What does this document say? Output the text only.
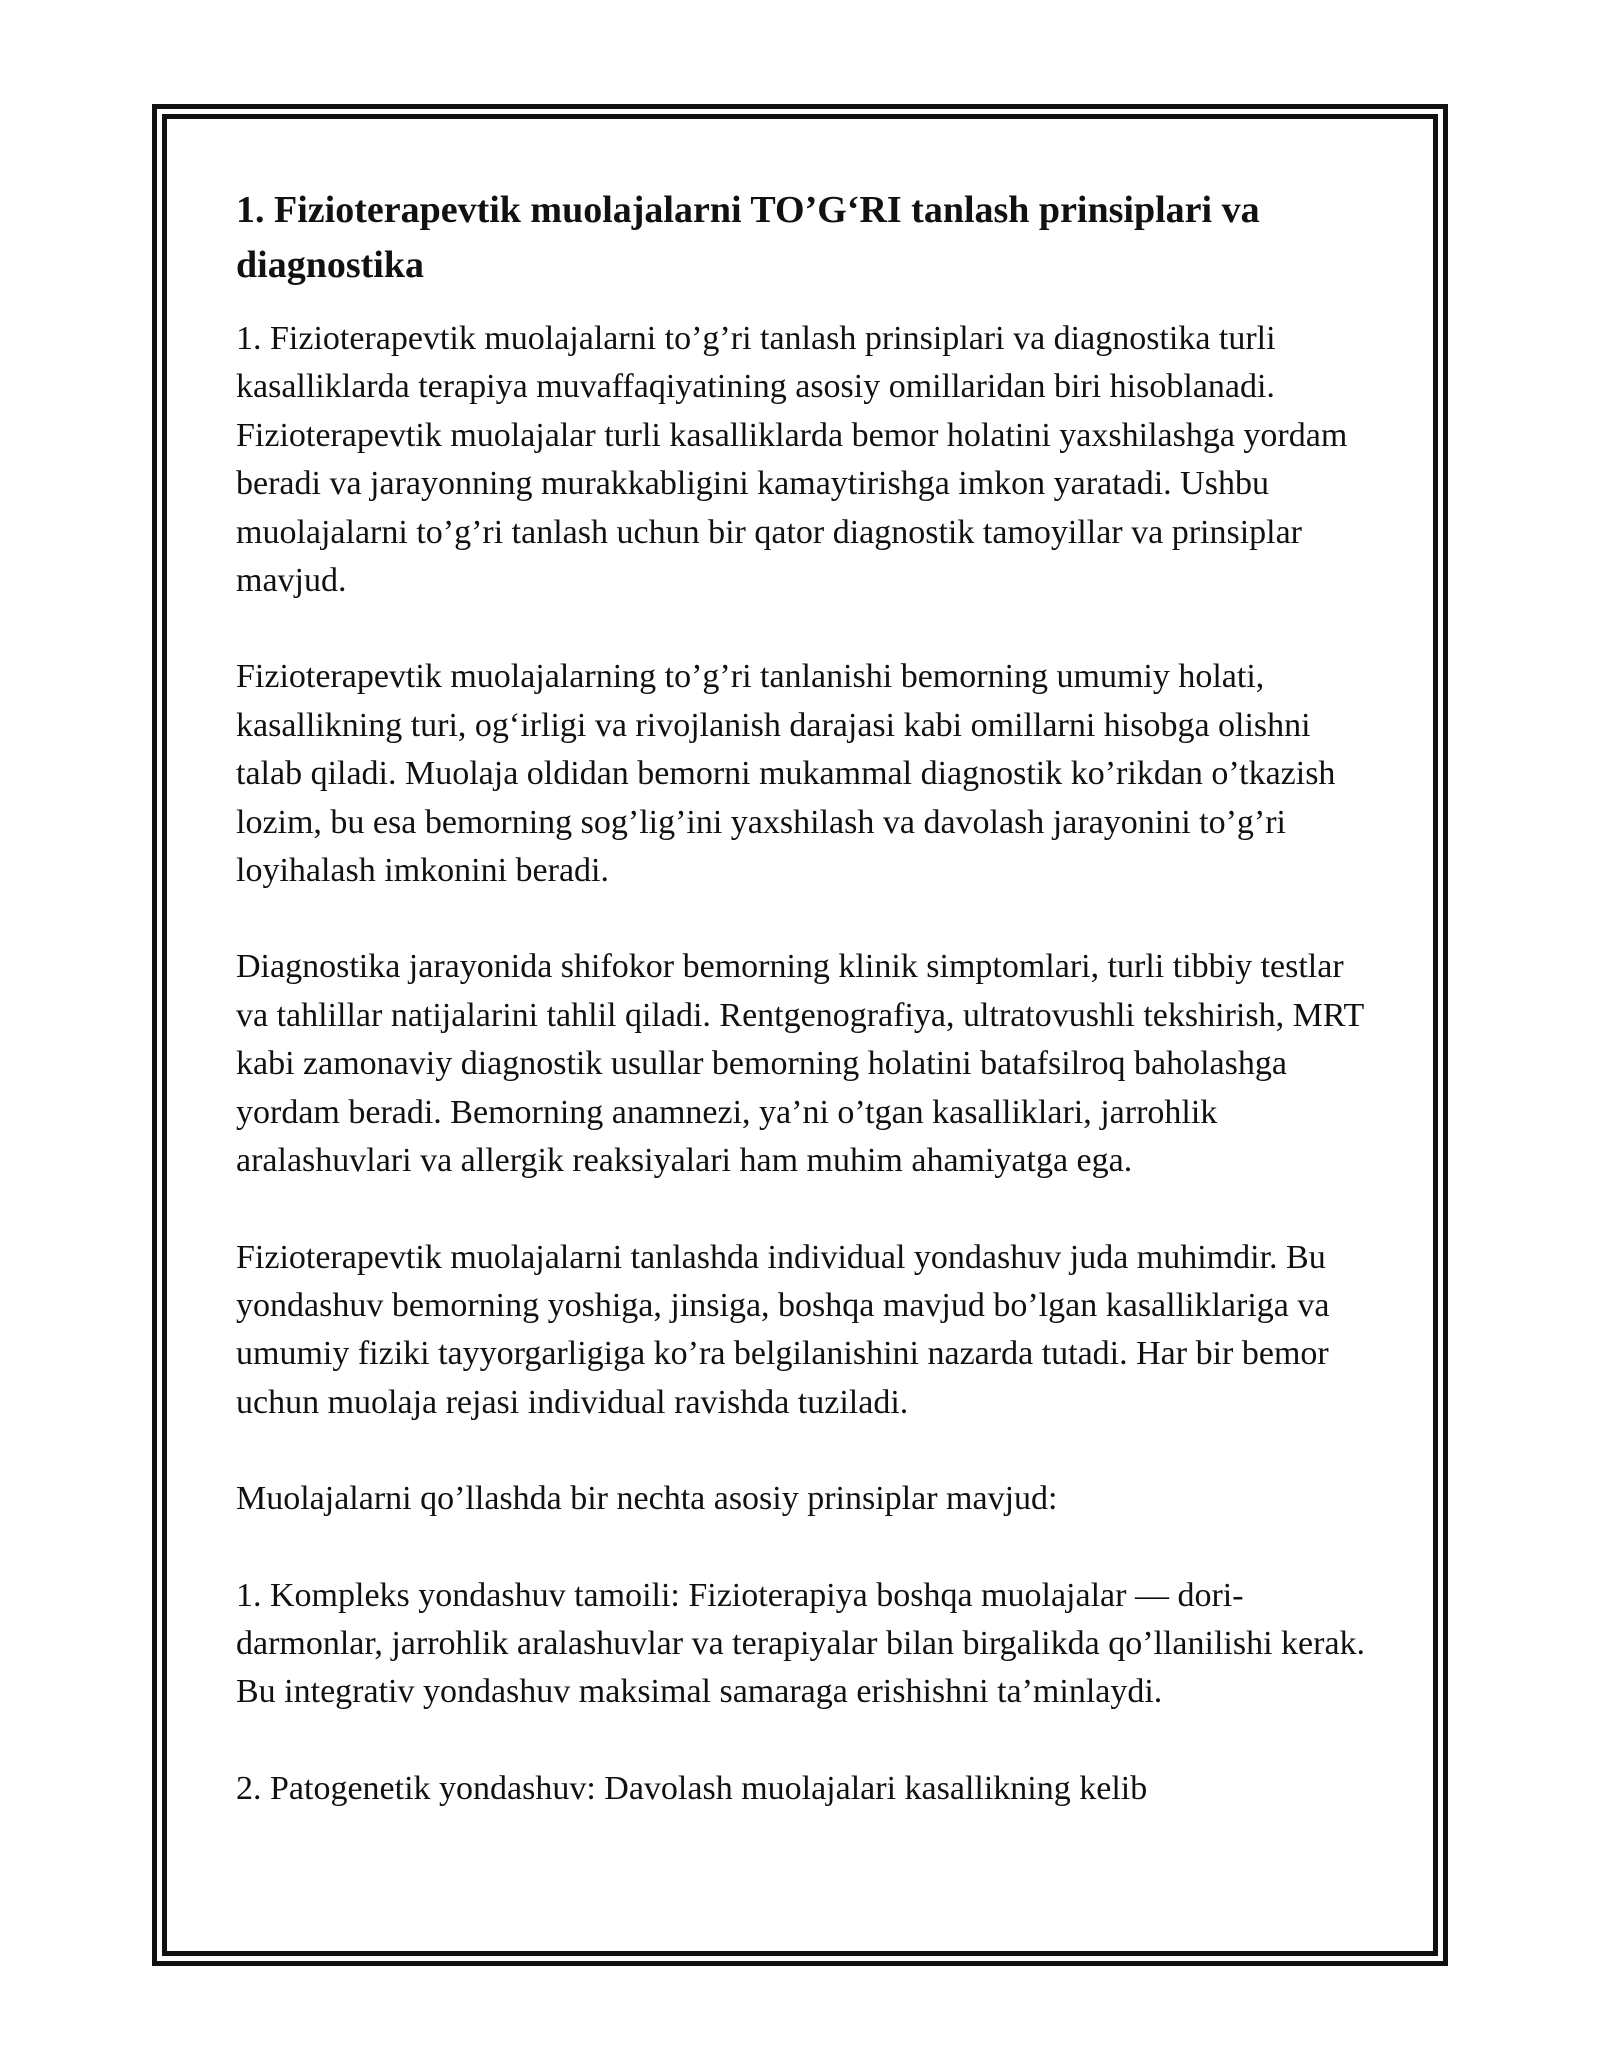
1. Fizioterapevtik muolajalarni TO’G‘RI tanlash prinsiplari va diagnostika

1. Fizioterapevtik muolajalarni to’g’ri tanlash prinsiplari va diagnostika turli kasalliklarda terapiya muvaffaqiyatining asosiy omillaridan biri hisoblanadi. Fizioterapevtik muolajalar turli kasalliklarda bemor holatini yaxshilashga yordam beradi va jarayonning murakkabligini kamaytirishga imkon yaratadi. Ushbu muolajalarni to’g’ri tanlash uchun bir qator diagnostik tamoyillar va prinsiplar mavjud.

Fizioterapevtik muolajalarning to’g’ri tanlanishi bemorning umumiy holati, kasallikning turi, og‘irligi va rivojlanish darajasi kabi omillarni hisobga olishni talab qiladi. Muolaja oldidan bemorni mukammal diagnostik ko’rikdan o’tkazish lozim, bu esa bemorning sog’lig’ini yaxshilash va davolash jarayonini to’g’ri loyihalash imkonini beradi.

Diagnostika jarayonida shifokor bemorning klinik simptomlari, turli tibbiy testlar va tahlillar natijalarini tahlil qiladi. Rentgenografiya, ultratovushli tekshirish, MRT kabi zamonaviy diagnostik usullar bemorning holatini batafsilroq baholashga yordam beradi. Bemorning anamnezi, ya’ni o’tgan kasalliklari, jarrohlik aralashuvlari va allergik reaksiyalari ham muhim ahamiyatga ega.

Fizioterapevtik muolajalarni tanlashda individual yondashuv juda muhimdir. Bu yondashuv bemorning yoshiga, jinsiga, boshqa mavjud bo’lgan kasalliklariga va umumiy fiziki tayyorgarligiga ko’ra belgilanishini nazarda tutadi. Har bir bemor uchun muolaja rejasi individual ravishda tuziladi.

Muolajalarni qo’llashda bir nechta asosiy prinsiplar mavjud:

1. Kompleks yondashuv tamoili: Fizioterapiya boshqa muolajalar — dori-darmonlar, jarrohlik aralashuvlar va terapiyalar bilan birgalikda qo’llanilishi kerak. Bu integrativ yondashuv maksimal samaraga erishishni ta’minlaydi.

2. Patogenetik yondashuv: Davolash muolajalari kasallikning kelib
